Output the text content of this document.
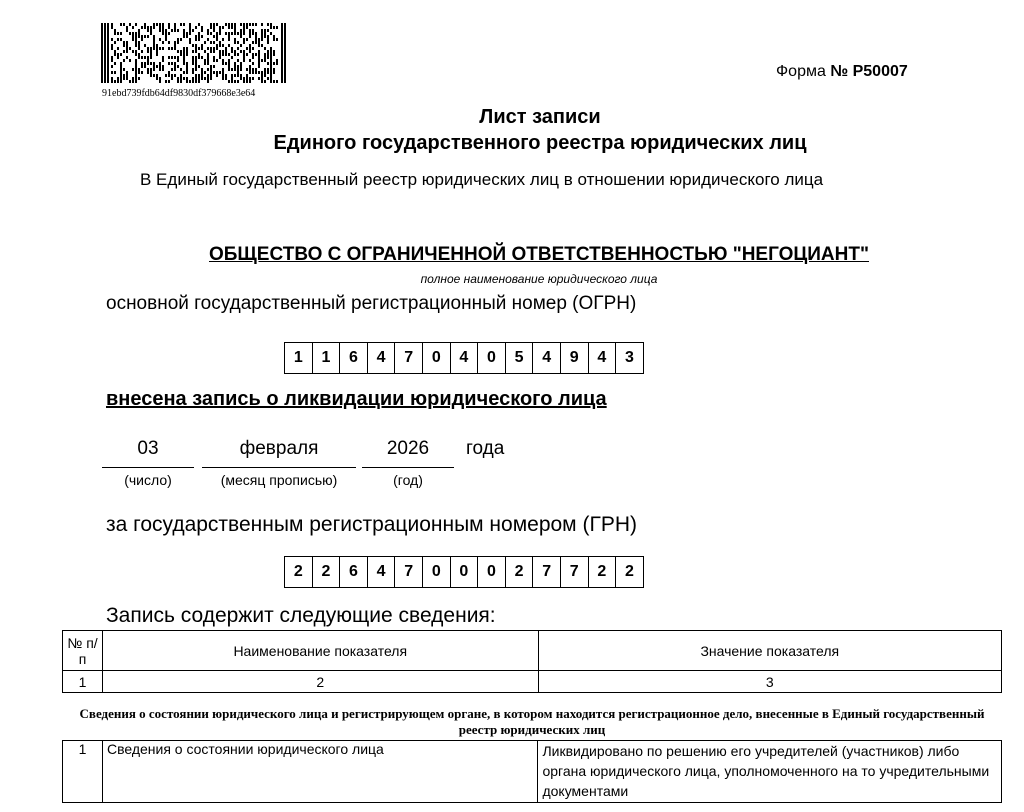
91ebd739fdb64df9830df379668e3e64
Форма № Р50007
Лист записи
Единого государственного реестра юридических лиц
В Единый государственный реестр юридических лиц в отношении юридического лица
ОБЩЕСТВО С ОГРАНИЧЕННОЙ ОТВЕТСТВЕННОСТЬЮ "НЕГОЦИАНТ"
полное наименование юридического лица
основной государственный регистрационный номер (ОГРН)
1	1	6	4	7	0	4	0	5	4	9	4	3
внесена запись о ликвидации юридического лица
03
(число)
февраля
(месяц прописью)
2026
(год)
года
за государственным регистрационным номером (ГРН)
2	2	6	4	7	0	0	0	2	7	7	2	2
Запись содержит следующие сведения:
№ п/п	Наименование показателя	Значение показателя
1	2	3
Сведения о состоянии юридического лица и регистрирующем органе, в котором находится регистрационное дело, внесенные в Единый государственный реестр юридических лиц
1	Сведения о состоянии юридического лица	Ликвидировано по решению его учредителей (участников) либо органа юридического лица, уполномоченного на то учредительными документами
